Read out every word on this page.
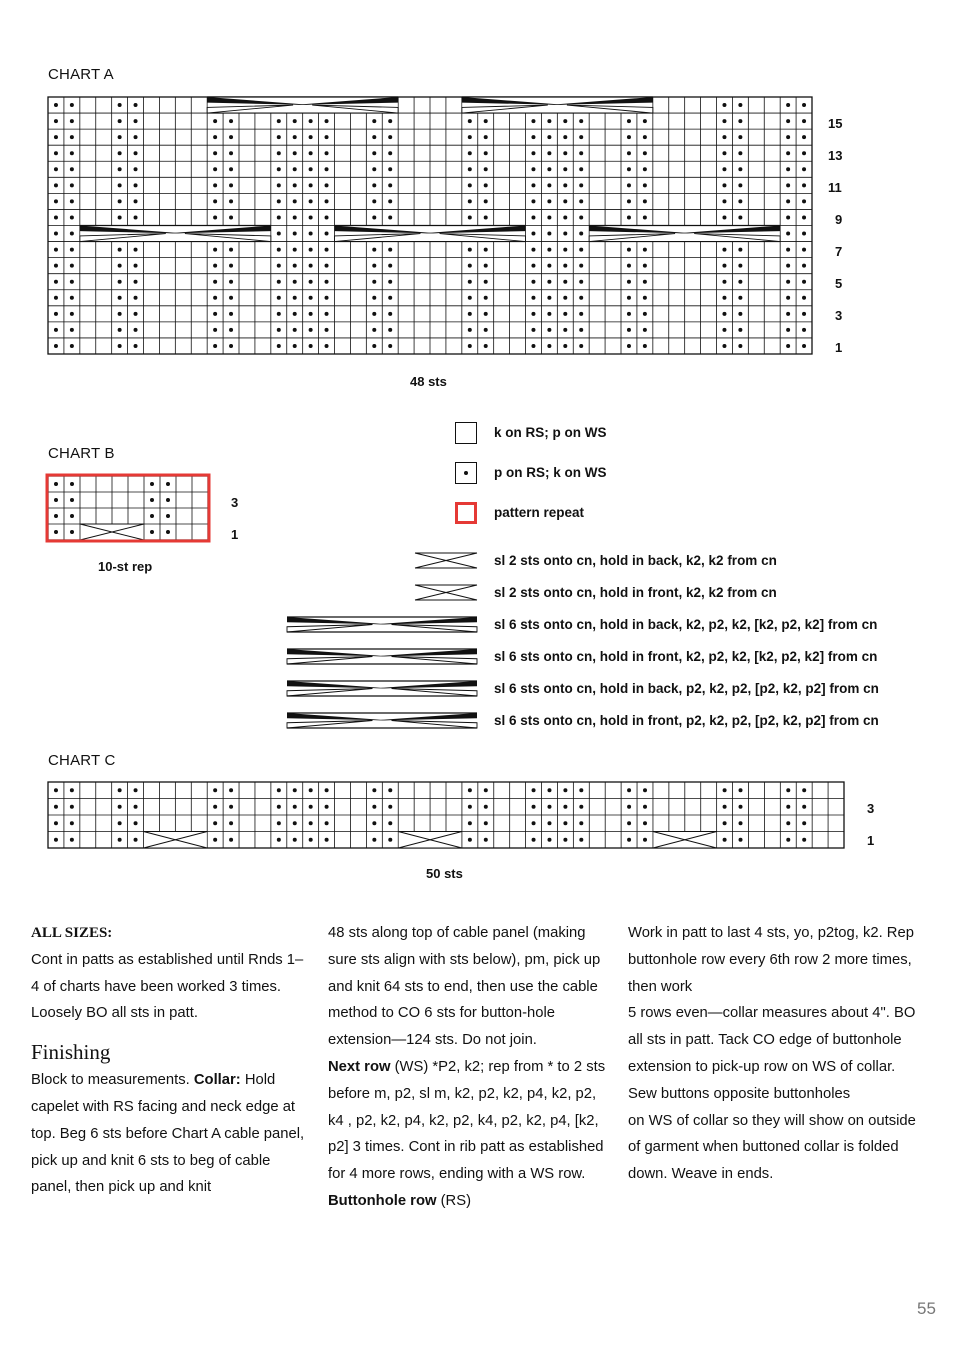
CHART A
15
13
11
9
7
5
3
1
48 sts
CHART B
3
1
10-st rep
k on RS; p on WS
p on RS; k on WS
pattern repeat
sl 2 sts onto cn, hold in back, k2, k2 from cn
sl 2 sts onto cn, hold in front, k2, k2 from cn
sl 6 sts onto cn, hold in back, k2, p2, k2, [k2, p2, k2] from cn
sl 6 sts onto cn, hold in front, k2, p2, k2, [k2, p2, k2] from cn
sl 6 sts onto cn, hold in back, p2, k2, p2, [p2, k2, p2] from cn
sl 6 sts onto cn, hold in front, p2, k2, p2, [p2, k2, p2] from cn
CHART C
3
1
50 sts
ALL SIZES:

Cont in patts as established until Rnds 1–4 of charts have been worked 3 times. Loosely BO all sts in patt.

Finishing

Block to measurements. Collar: Hold capelet with RS facing and neck edge at top. Beg 6 sts before Chart A cable panel, pick up and knit 6 sts to beg of cable panel, then pick up and knit

48 sts along top of cable panel (making sure sts align with sts below), pm, pick up and knit 64 sts to end, then use the cable method to CO 6 sts for button-hole extension—124 sts. Do not join.

Next row (WS) *P2, k2; rep from * to 2 sts before m, p2, sl m, k2, p2, k2, p4, k2, p2, k4 , p2, k2, p4, k2, p2, k4, p2, k2, p4, [k2, p2] 3 times. Cont in rib patt as established for 4 more rows, ending with a WS row. Buttonhole row (RS)

Work in patt to last 4 sts, yo, p2tog, k2. Rep buttonhole row every 6th row 2 more times, then work

5 rows even—collar measures about 4". BO all sts in patt. Tack CO edge of buttonhole extension to pick-up row on WS of collar. Sew buttons opposite buttonholes

on WS of collar so they will show on outside of garment when buttoned collar is folded down. Weave in ends.

55
